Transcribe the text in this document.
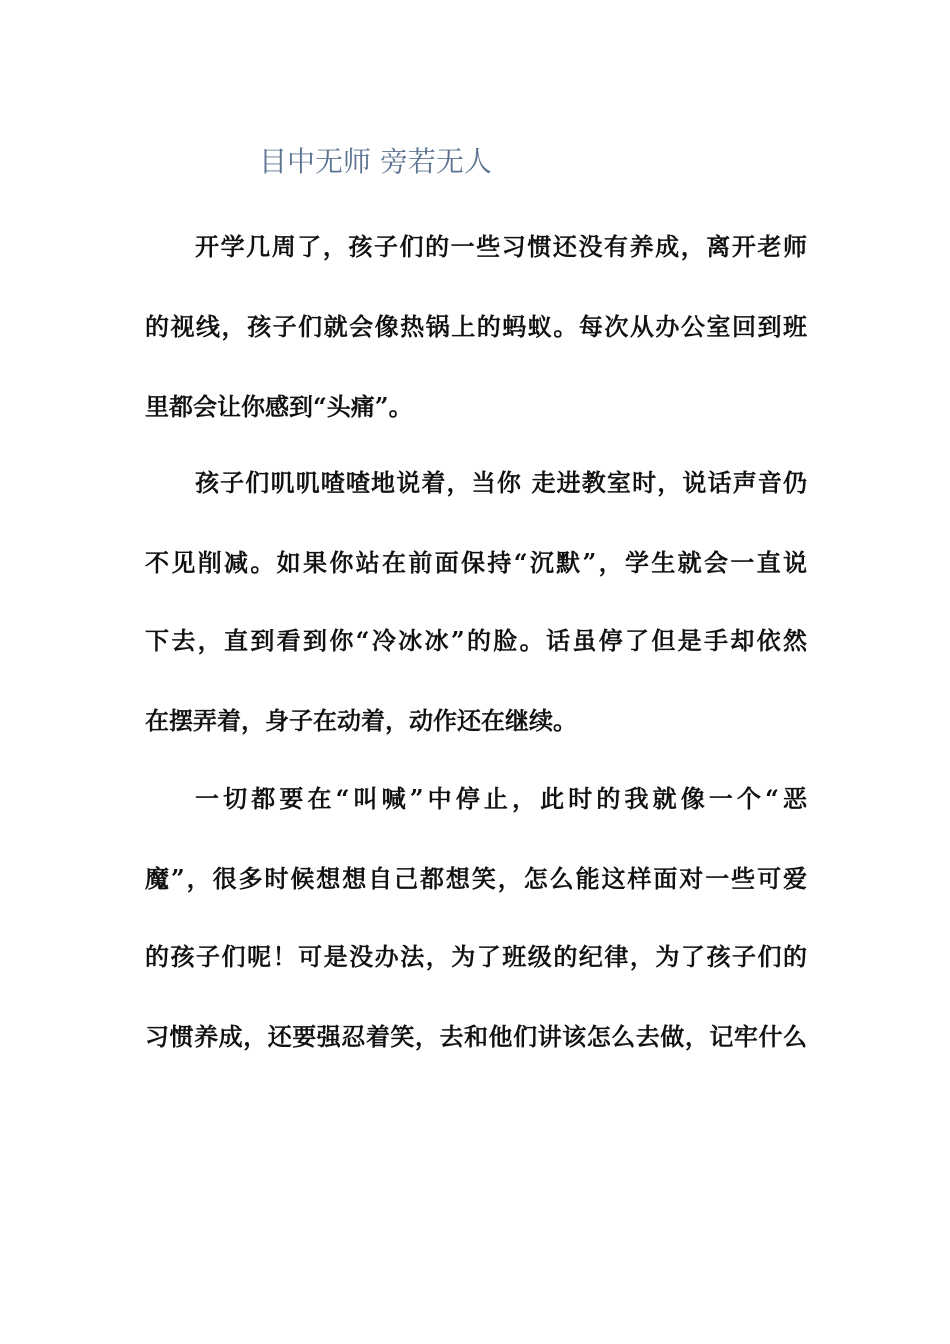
目中无师 旁若无人
开学几周了，孩子们的一些习惯还没有养成，离开老师
的视线，孩子们就会像热锅上的蚂蚁。每次从办公室回到班
里都会让你感到“头痛”。
孩子们叽叽喳喳地说着，当你 走进教室时，说话声音仍
不见削减。如果你站在前面保持“沉默”，学生就会一直说
下去，直到看到你“冷冰冰”的脸。话虽停了但是手却依然
在摆弄着，身子在动着，动作还在继续。
一切都要在“叫喊”中停止，此时的我就像一个“恶
魔”，很多时候想想自己都想笑，怎么能这样面对一些可爱
的孩子们呢！可是没办法，为了班级的纪律，为了孩子们的
习惯养成，还要强忍着笑，去和他们讲该怎么去做，记牢什么
